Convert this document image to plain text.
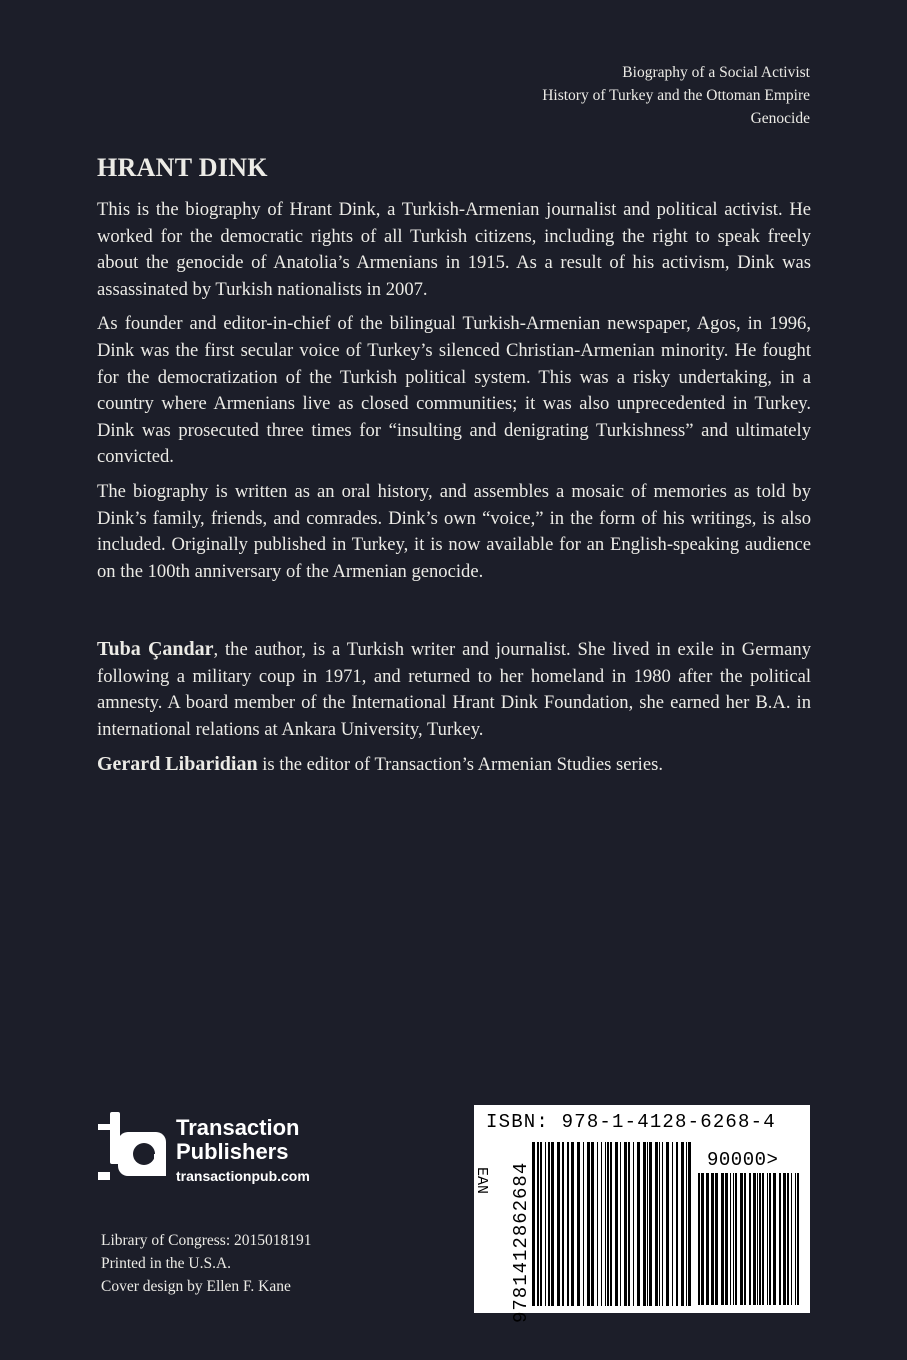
Biography of a Social Activist
History of Turkey and the Ottoman Empire
Genocide
HRANT DINK

This is the biography of Hrant Dink, a Turkish-Armenian journalist and political activist. He worked for the democratic rights of all Turkish citizens, including the right to speak freely about the genocide of Anatolia’s Armenians in 1915. As a result of his activism, Dink was assassinated by Turkish nationalists in 2007.

As founder and editor-in-chief of the bilingual Turkish-Armenian newspaper, Agos, in 1996, Dink was the first secular voice of Turkey’s silenced Christian-Armenian minority. He fought for the democratization of the Turkish political system. This was a risky undertaking, in a country where Armenians live as closed communities; it was also unprecedented in Turkey. Dink was prosecuted three times for “insulting and denigrating Turkishness” and ultimately convicted.

The biography is written as an oral history, and assembles a mosaic of memories as told by Dink’s family, friends, and comrades. Dink’s own “voice,” in the form of his writings, is also included. Originally published in Turkey, it is now available for an English-speaking audience on the 100th anniversary of the Armenian genocide.

Tuba Çandar, the author, is a Turkish writer and journalist. She lived in exile in Germany following a military coup in 1971, and returned to her homeland in 1980 after the political amnesty. A board member of the International Hrant Dink Foundation, she earned her B.A. in international relations at Ankara University, Turkey.

Gerard Libaridian is the editor of Transaction’s Armenian Studies series.

Transaction
Publishers
transactionpub.com
Library of Congress: 2015018191
Printed in the U.S.A.
Cover design by Ellen F. Kane
ISBN: 978-1-4128-6268-4
90000>
EAN 9781412862684
